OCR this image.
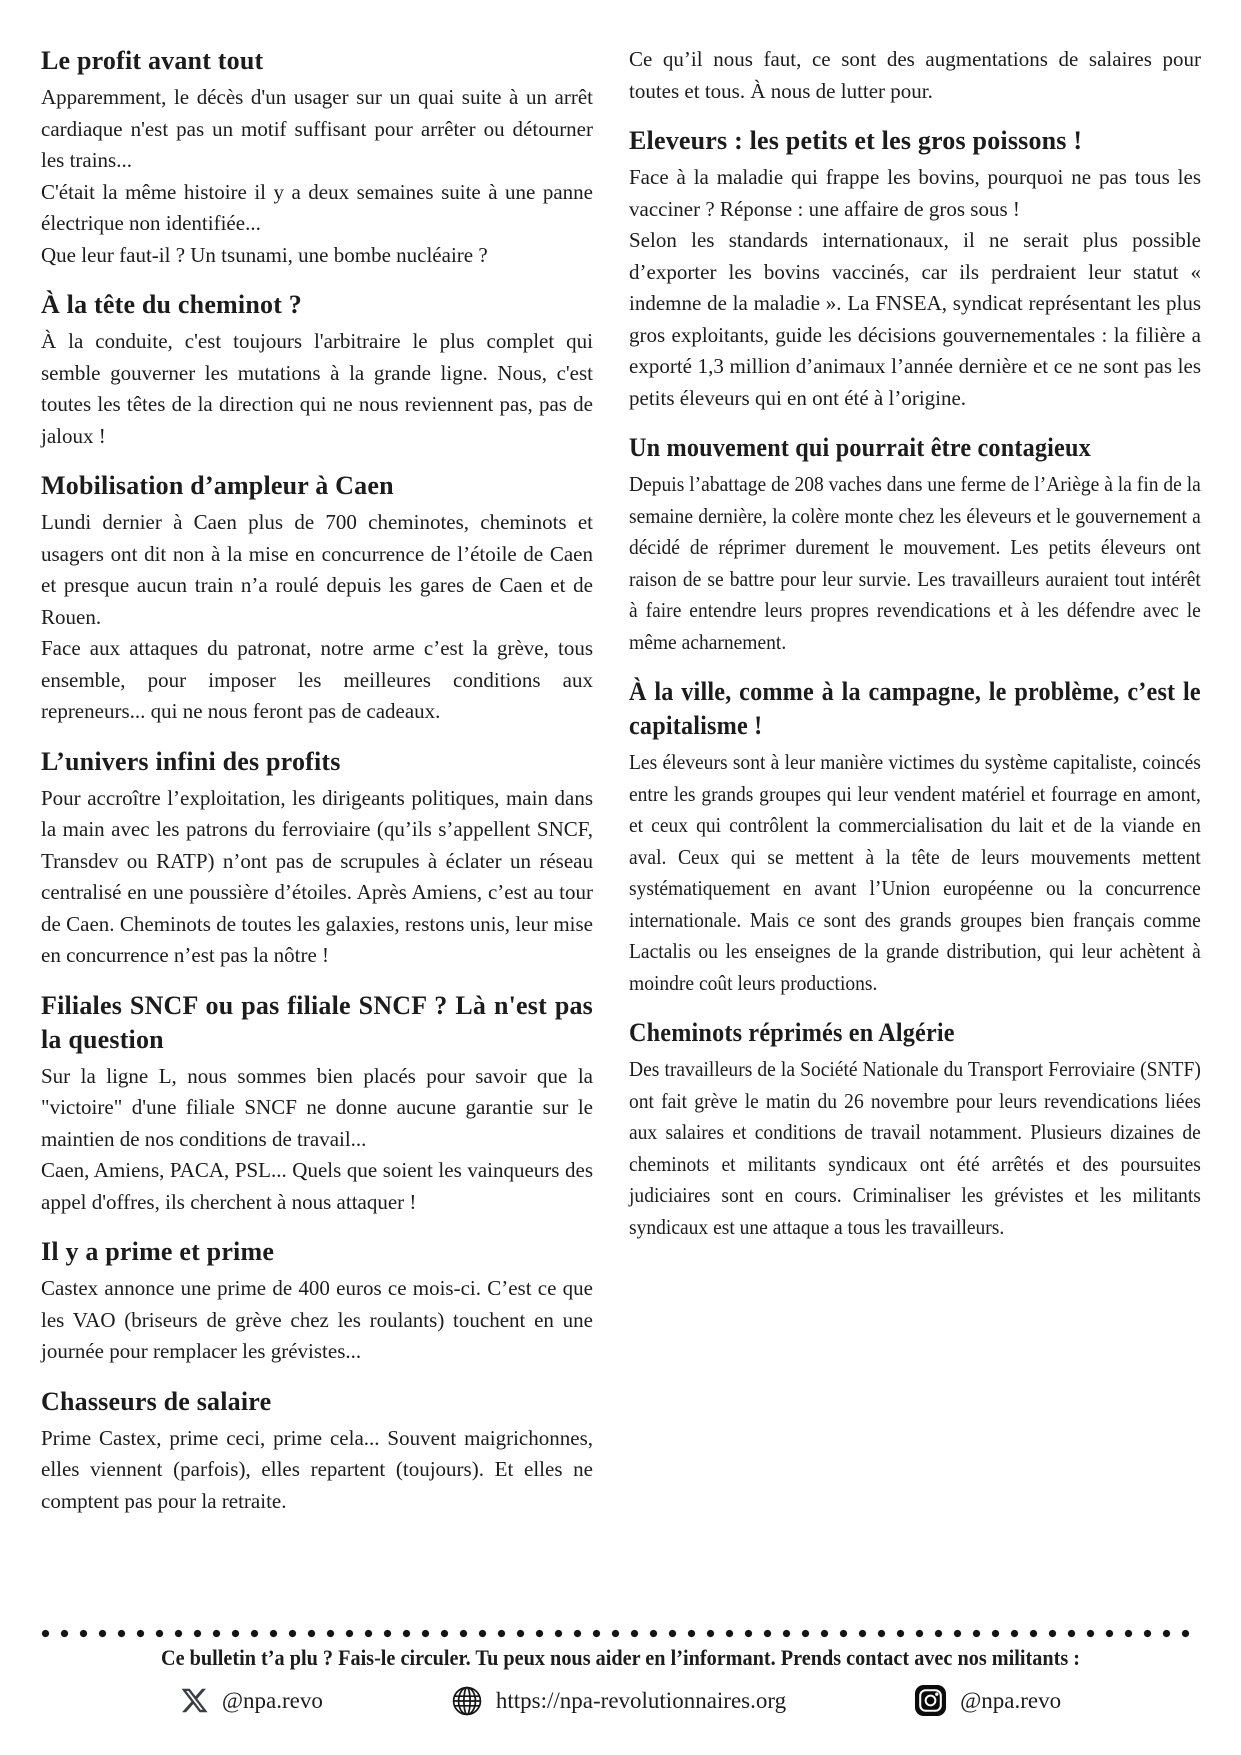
Le profit avant tout

Apparemment, le décès d'un usager sur un quai suite à un arrêt cardiaque n'est pas un motif suffisant pour arrêter ou détourner les trains...

C'était la même histoire il y a deux semaines suite à une panne électrique non identifiée...

Que leur faut-il ? Un tsunami, une bombe nucléaire ?

À la tête du cheminot ?

À la conduite, c'est toujours l'arbitraire le plus complet qui semble gouverner les mutations à la grande ligne. Nous, c'est toutes les têtes de la direction qui ne nous reviennent pas, pas de jaloux !

Mobilisation d’ampleur à Caen

Lundi dernier à Caen plus de 700 cheminotes, cheminots et usagers ont dit non à la mise en concurrence de l’étoile de Caen et presque aucun train n’a roulé depuis les gares de Caen et de Rouen.

Face aux attaques du patronat, notre arme c’est la grève, tous ensemble, pour imposer les meilleures conditions aux repreneurs... qui ne nous feront pas de cadeaux.

L’univers infini des profits

Pour accroître l’exploitation, les dirigeants politiques, main dans la main avec les patrons du ferroviaire (qu’ils s’appellent SNCF, Transdev ou RATP) n’ont pas de scrupules à éclater un réseau centralisé en une poussière d’étoiles. Après Amiens, c’est au tour de Caen. Cheminots de toutes les galaxies, restons unis, leur mise en concurrence n’est pas la nôtre !

Filiales SNCF ou pas filiale SNCF ? Là n'est pas la question

Sur la ligne L, nous sommes bien placés pour savoir que la "victoire" d'une filiale SNCF ne donne aucune garantie sur le maintien de nos conditions de travail...

Caen, Amiens, PACA, PSL... Quels que soient les vainqueurs des appel d'offres, ils cherchent à nous attaquer !

Il y a prime et prime

Castex annonce une prime de 400 euros ce mois-ci. C’est ce que les VAO (briseurs de grève chez les roulants) touchent en une journée pour remplacer les grévistes...

Chasseurs de salaire

Prime Castex, prime ceci, prime cela... Souvent maigrichonnes, elles viennent (parfois), elles repartent (toujours). Et elles ne comptent pas pour la retraite.

Ce qu’il nous faut, ce sont des augmentations de salaires pour toutes et tous. À nous de lutter pour.

Eleveurs : les petits et les gros poissons !

Face à la maladie qui frappe les bovins, pourquoi ne pas tous les vacciner ? Réponse : une affaire de gros sous !

Selon les standards internationaux, il ne serait plus possible d’exporter les bovins vaccinés, car ils perdraient leur statut « indemne de la maladie ». La FNSEA, syndicat représentant les plus gros exploitants, guide les décisions gouvernementales : la filière a exporté 1,3 million d’animaux l’année dernière et ce ne sont pas les petits éleveurs qui en ont été à l’origine.

Un mouvement qui pourrait être contagieux

Depuis l’abattage de 208 vaches dans une ferme de l’Ariège à la fin de la semaine dernière, la colère monte chez les éleveurs et le gouvernement a décidé de réprimer durement le mouvement. Les petits éleveurs ont raison de se battre pour leur survie. Les travailleurs auraient tout intérêt à faire entendre leurs propres revendications et à les défendre avec le même acharnement.

À la ville, comme à la campagne, le problème, c’est le capitalisme !

Les éleveurs sont à leur manière victimes du système capitaliste, coincés entre les grands groupes qui leur vendent matériel et fourrage en amont, et ceux qui contrôlent la commercialisation du lait et de la viande en aval. Ceux qui se mettent à la tête de leurs mouvements mettent systématiquement en avant l’Union européenne ou la concurrence internationale. Mais ce sont des grands groupes bien français comme Lactalis ou les enseignes de la grande distribution, qui leur achètent à moindre coût leurs productions.

Cheminots réprimés en Algérie

Des travailleurs de la Société Nationale du Transport Ferroviaire (SNTF) ont fait grève le matin du 26 novembre pour leurs revendications liées aux salaires et conditions de travail notamment. Plusieurs dizaines de cheminots et militants syndicaux ont été arrêtés et des poursuites judiciaires sont en cours. Criminaliser les grévistes et les militants syndicaux est une attaque a tous les travailleurs.

Ce bulletin t’a plu ? Fais-le circuler. Tu peux nous aider en l’informant. Prends contact avec nos militants :
@npa.revo	https://npa-revolutionnaires.org	@npa.revo
